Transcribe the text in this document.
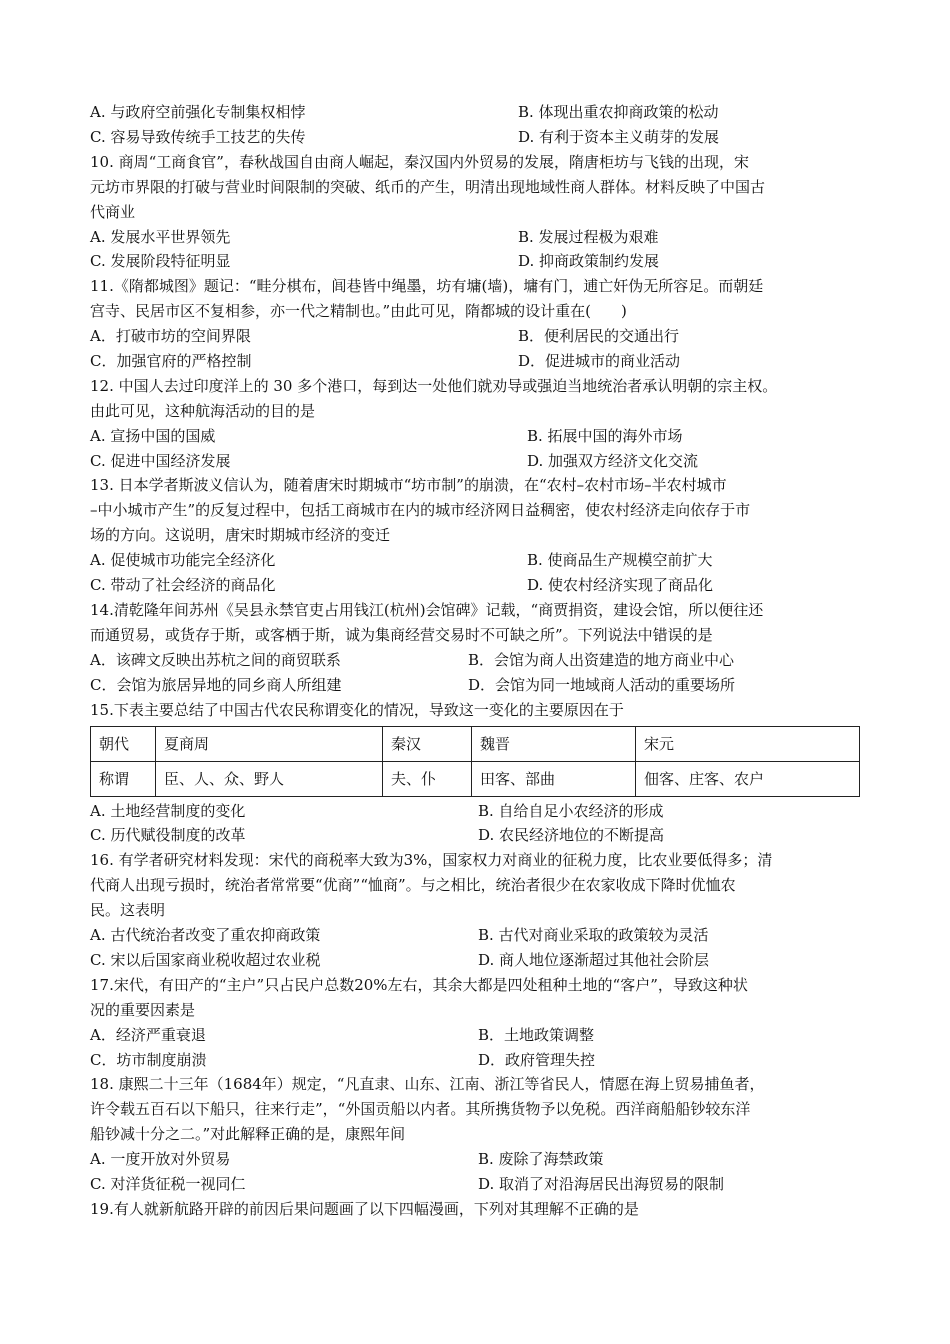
A. 与政府空前强化专制集权相悖	B. 体现出重农抑商政策的松动
C. 容易导致传统手工技艺的失传	D. 有利于资本主义萌芽的发展
10. 商周“工商食官”，春秋战国自由商人崛起，秦汉国内外贸易的发展，隋唐柜坊与飞钱的出现，宋
元坊市界限的打破与营业时间限制的突破、纸币的产生，明清出现地域性商人群体。材料反映了中国古
代商业
A. 发展水平世界领先	B. 发展过程极为艰难
C. 发展阶段特征明显	D. 抑商政策制约发展
11.《隋都城图》题记：“畦分棋布，闾巷皆中绳墨，坊有墉(墙)，墉有门，逋亡奸伪无所容足。而朝廷
宫寺、民居市区不复相参，亦一代之精制也。”由此可见，隋都城的设计重在(　　)
A．打破市坊的空间界限	B．便利居民的交通出行
C．加强官府的严格控制	D．促进城市的商业活动
12. 中国人去过印度洋上的 30 多个港口，每到达一处他们就劝导或强迫当地统治者承认明朝的宗主权。
由此可见，这种航海活动的目的是
A. 宣扬中国的国威	B. 拓展中国的海外市场
C. 促进中国经济发展	D. 加强双方经济文化交流
13. 日本学者斯波义信认为，随着唐宋时期城市“坊市制”的崩溃，在“农村–农村市场–半农村城市
–中小城市产生”的反复过程中，包括工商城市在内的城市经济网日益稠密，使农村经济走向依存于市
场的方向。这说明，唐宋时期城市经济的变迁
A. 促使城市功能完全经济化	B. 使商品生产规模空前扩大
C. 带动了社会经济的商品化	D. 使农村经济实现了商品化
14.清乾隆年间苏州《吴县永禁官吏占用钱江(杭州)会馆碑》记载，“商贾捐资，建设会馆，所以便往还
而通贸易，或货存于斯，或客栖于斯，诚为集商经营交易时不可缺之所”。下列说法中错误的是
A．该碑文反映出苏杭之间的商贸联系	B．会馆为商人出资建造的地方商业中心
C．会馆为旅居异地的同乡商人所组建	D．会馆为同一地域商人活动的重要场所
15.下表主要总结了中国古代农民称谓变化的情况，导致这一变化的主要原因在于
朝代	夏商周	秦汉	魏晋	宋元
称谓	臣、人、众、野人	夫、仆	田客、部曲	佃客、庄客、农户
A. 土地经营制度的变化	B. 自给自足小农经济的形成
C. 历代赋役制度的改革	D. 农民经济地位的不断提高
16. 有学者研究材料发现：宋代的商税率大致为3%，国家权力对商业的征税力度，比农业要低得多；清
代商人出现亏损时，统治者常常要“优商”“恤商”。与之相比，统治者很少在农家收成下降时优恤农
民。这表明
A. 古代统治者改变了重农抑商政策	B. 古代对商业采取的政策较为灵活
C. 宋以后国家商业税收超过农业税	D. 商人地位逐渐超过其他社会阶层
17.宋代，有田产的“主户”只占民户总数20%左右，其余大都是四处租种土地的“客户”，导致这种状
况的重要因素是
A．经济严重衰退	B．土地政策调整
C．坊市制度崩溃	D．政府管理失控
18. 康熙二十三年（1684年）规定，“凡直隶、山东、江南、浙江等省民人，情愿在海上贸易捕鱼者，
许令载五百石以下船只，往来行走”，“外国贡船以内者。其所携货物予以免税。西洋商船船钞较东洋
船钞减十分之二。”对此解释正确的是，康熙年间
A. 一度开放对外贸易	B. 废除了海禁政策
C. 对洋货征税一视同仁	D. 取消了对沿海居民出海贸易的限制
19.有人就新航路开辟的前因后果问题画了以下四幅漫画，下列对其理解不正确的是
